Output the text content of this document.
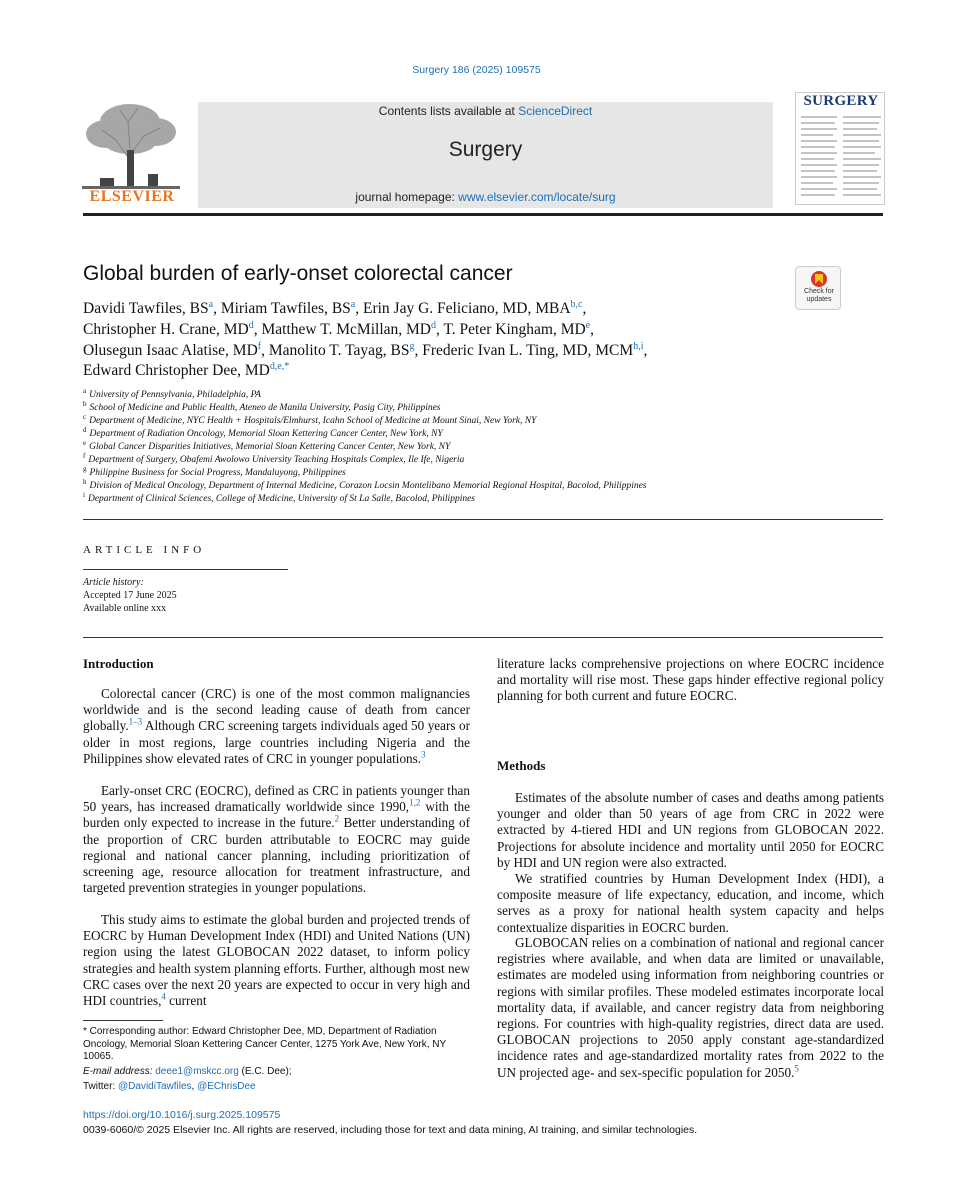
Surgery 186 (2025) 109575
ELSEVIER
Contents lists available at ScienceDirect
Surgery
journal homepage: www.elsevier.com/locate/surg
SURGERY
Global burden of early-onset colorectal cancer
Check for updates
Davidi Tawfiles, $BS^a$, Miriam Tawfiles, $BS^a$, Erin Jay G. Feliciano, MD, MBA$^{b,c}$,
Christopher H. Crane, $MD^d$, Matthew T. McMillan, $MD^d$, T. Peter Kingham, MDe,
Olusegun Isaac Alatise, $MD^f$, Manolito T. Tayag, $BS^g$, Frederic Ivan L. Ting, MD, MCM$^{h,i}$,
Edward Christopher Dee, $MD^{d,e,*}$
$^a$ University of Pennsylvania, Philadelphia, PA
$^b$ School of Medicine and Public Health, Ateneo de Manila University, Pasig City, Philippines
$^c$ Department of Medicine, NYC Health + Hospitals/Elmhurst, Icahn School of Medicine at Mount Sinai, New York, NY
$^d$ Department of Radiation Oncology, Memorial Sloan Kettering Cancer Center, New York, NY
$^e$ Global Cancer Disparities Initiatives, Memorial Sloan Kettering Cancer Center, New York, NY
$^f$ Department of Surgery, Obafemi Awolowo University Teaching Hospitals Complex, Ile Ife, Nigeria
$^g$ Philippine Business for Social Progress, Mandaluyong, Philippines
$^h$ Division of Medical Oncology, Department of Internal Medicine, Corazon Locsin Montelibano Memorial Regional Hospital, Bacolod, Philippines
$^i$ Department of Clinical Sciences, College of Medicine, University of St La Salle, Bacolod, Philippines
ARTICLE INFO
Article history:
Accepted 17 June 2025
Available online xxx
Introduction
Colorectal cancer (CRC) is one of the most common malignancies worldwide and is the second leading cause of death from cancer globally.$^{1-3}$ Although CRC screening targets individuals aged 50 years or older in most regions, large countries including Nigeria and the Philippines show elevated rates of CRC in younger populations.$^3$
Early-onset CRC (EOCRC), defined as CRC in patients younger than 50 years, has increased dramatically worldwide since 1990,$^{1,2}$ with the burden only expected to increase in the future.$^2$ Better understanding of the proportion of CRC burden attributable to EOCRC may guide regional and national cancer planning, including prioritization of screening age, resource allocation for treatment infrastructure, and targeted prevention strategies in younger populations.
This study aims to estimate the global burden and projected trends of EOCRC by Human Development Index (HDI) and United Nations (UN) region using the latest GLOBOCAN 2022 dataset, to inform policy strategies and health system planning efforts. Further, although most new CRC cases over the next 20 years are expected to occur in very high and HDI countries,$^4$ current
* Corresponding author: Edward Christopher Dee, MD, Department of Radiation Oncology, Memorial Sloan Kettering Cancer Center, 1275 York Ave, New York, NY 10065.
E-mail address: deee1@mskcc.org (E.C. Dee);
Twitter: @DavidiTawfiles, @EChrisDee
literature lacks comprehensive projections on where EOCRC incidence and mortality will rise most. These gaps hinder effective regional policy planning for both current and future EOCRC.
Methods
Estimates of the absolute number of cases and deaths among patients younger and older than 50 years of age from CRC in 2022 were extracted by 4-tiered HDI and UN regions from GLOBOCAN 2022. Projections for absolute incidence and mortality until 2050 for EOCRC by HDI and UN region were also extracted.
We stratified countries by Human Development Index (HDI), a composite measure of life expectancy, education, and income, which serves as a proxy for national health system capacity and helps contextualize disparities in EOCRC burden.
GLOBOCAN relies on a combination of national and regional cancer registries where available, and when data are limited or unavailable, estimates are modeled using information from neighboring countries or regions with similar profiles. These modeled estimates incorporate local mortality data, if available, and cancer registry data from neighboring regions. For countries with high-quality registries, direct data are used. GLOBOCAN projections to 2050 apply constant age-standardized incidence rates and age-standardized mortality rates from 2022 to the UN projected age- and sex-specific population for 2050.$^5$
https://doi.org/10.1016/j.surg.2025.109575
0039-6060/© 2025 Elsevier Inc. All rights are reserved, including those for text and data mining, AI training, and similar technologies.
